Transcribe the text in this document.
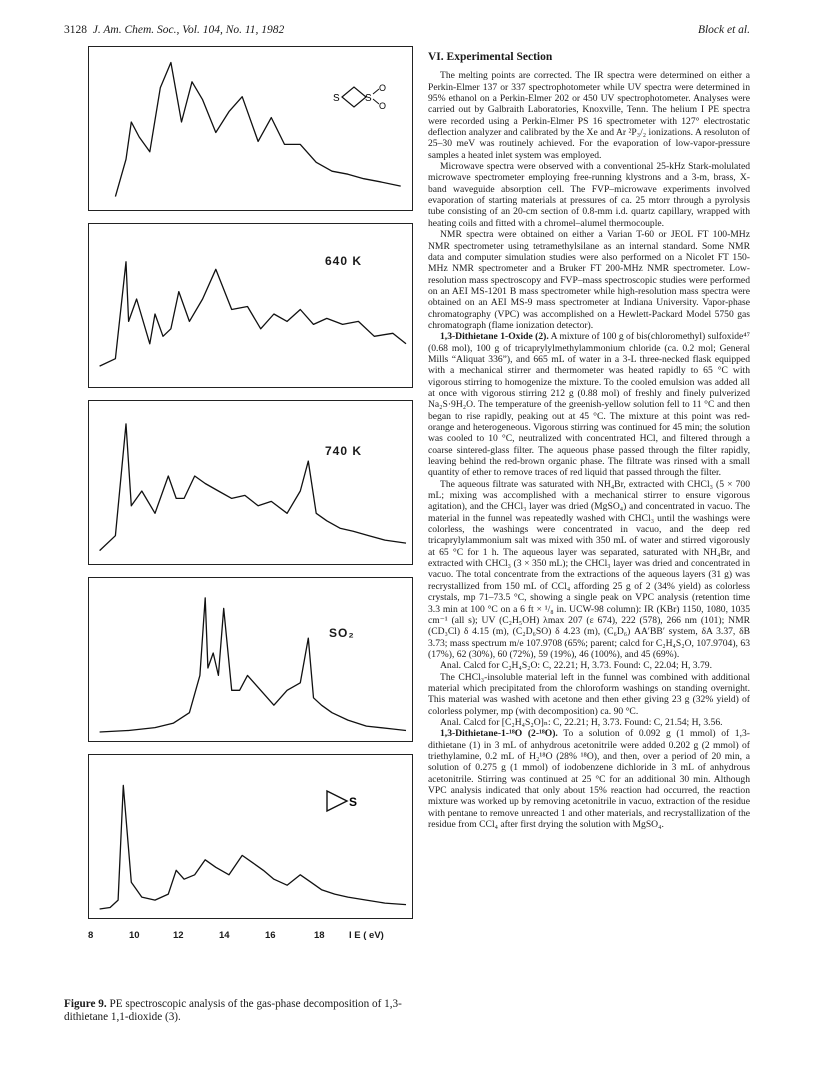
3128 J. Am. Chem. Soc., Vol. 104, No. 11, 1982	Block et al.
S	S
O
O
640 K
740 K
SO₂
S
8	10	12	14	16	18	I E ( eV)
Figure 9. PE spectroscopic analysis of the gas-phase decomposition of 1,3-dithietane 1,1-dioxide (3).
VI. Experimental Section

The melting points are corrected. The IR spectra were determined on either a Perkin-Elmer 137 or 337 spectrophotometer while UV spectra were determined in 95% ethanol on a Perkin-Elmer 202 or 450 UV spectrophotometer. Analyses were carried out by Galbraith Laboratories, Knoxville, Tenn. The helium I PE spectra were recorded using a Perkin-Elmer PS 16 spectrometer with 127° electrostatic deflection analyzer and calibrated by the Xe and Ar ²P₃/₂ ionizations. A resoluton of 25–30 meV was routinely achieved. For the evaporation of low-vapor-pressure samples a heated inlet system was employed.

Microwave spectra were observed with a conventional 25-kHz Stark-molulated microwave spectrometer employing free-running klystrons and a 3-m, brass, X-band waveguide absorption cell. The FVP–microwave experiments involved evaporation of starting materials at pressures of ca. 25 mtorr through a pyrolysis tube consisting of an 20-cm section of 0.8-mm i.d. quartz capillary, wrapped with heating coils and fitted with a chromel–alumel thermocouple.

NMR spectra were obtained on either a Varian T-60 or JEOL FT 100-MHz NMR spectrometer using tetramethylsilane as an internal standard. Some NMR data and computer simulation studies were also performed on a Nicolet FT 150-MHz NMR spectrometer and a Bruker FT 200-MHz NMR spectrometer. Low-resolution mass spectroscopy and FVP–mass spectroscopic studies were performed on an AEI MS-1201 B mass spectrometer while high-resolution mass spectra were obtained on an AEI MS-9 mass spectrometer at Indiana University. Vapor-phase chromatography (VPC) was accomplished on a Hewlett-Packard Model 5750 gas chromatograph (flame ionization detector).

1,3-Dithietane 1-Oxide (2). A mixture of 100 g of bis(chloromethyl) sulfoxide⁴⁷ (0.68 mol), 100 g of tricaprylylmethylammonium chloride (ca. 0.2 mol; General Mills “Aliquat 336”), and 665 mL of water in a 3-L three-necked flask equipped with a mechanical stirrer and thermometer was heated rapidly to 65 °C with vigorous stirring to homogenize the mixture. To the cooled emulsion was added all at once with vigorous stirring 212 g (0.88 mol) of freshly and finely pulverized Na₂S·9H₂O. The temperature of the greenish-yellow solution fell to 11 °C and then began to rise rapidly, peaking out at 45 °C. The mixture at this point was red-orange and heterogeneous. Vigorous stirring was continued for 45 min; the solution was cooled to 10 °C, neutralized with concentrated HCl, and filtered through a coarse sintered-glass filter. The aqueous phase passed through the filter rapidly, leaving behind the red-brown organic phase. The filtrate was rinsed with a small quantity of ether to remove traces of red liquid that passed through the filter.

The aqueous filtrate was saturated with NH₄Br, extracted with CHCl₃ (5 × 700 mL; mixing was accomplished with a mechanical stirrer to ensure vigorous agitation), and the CHCl₃ layer was dried (MgSO₄) and concentrated in vacuo. The material in the funnel was repeatedly washed with CHCl₃ until the washings were colorless, the washings were concentrated in vacuo, and the deep red tricaprylylammonium salt was mixed with 350 mL of water and stirred vigorously at 65 °C for 1 h. The aqueous layer was separated, saturated with NH₄Br, and extracted with CHCl₃ (3 × 350 mL); the CHCl₃ layer was dried and concentrated in vacuo. The total concentrate from the extractions of the aqueous layers (31 g) was recrystallized from 150 mL of CCl₄ affording 25 g of 2 (34% yield) as colorless crystals, mp 71–73.5 °C, showing a single peak on VPC analysis (retention time 3.3 min at 100 °C on a 6 ft × ¹/₈ in. UCW-98 column): IR (KBr) 1150, 1080, 1035 cm⁻¹ (all s); UV (C₂H₅OH) λmax 207 (ε 674), 222 (578), 266 nm (101); NMR (CD₃Cl) δ 4.15 (m), (C₂D₆SO) δ 4.23 (m), (C₆D₆) AA′BB′ system, δA 3.37, δB 3.73; mass spectrum m/e 107.9708 (65%; parent; calcd for C₂H₄S₂O, 107.9704), 63 (17%), 62 (30%), 60 (72%), 59 (19%), 46 (100%), and 45 (69%).

Anal. Calcd for C₂H₄S₂O: C, 22.21; H, 3.73. Found: C, 22.04; H, 3.79.

The CHCl₃-insoluble material left in the funnel was combined with additional material which precipitated from the chloroform washings on standing overnight. This material was washed with acetone and then ether giving 23 g (32% yield) of colorless polymer, mp (with decomposition) ca. 90 °C.

Anal. Calcd for [C₂H₄S₂O]ₙ: C, 22.21; H, 3.73. Found: C, 21.54; H, 3.56.

1,3-Dithietane-1-¹⁸O (2-¹⁸O). To a solution of 0.092 g (1 mmol) of 1,3-dithietane (1) in 3 mL of anhydrous acetonitrile were added 0.202 g (2 mmol) of triethylamine, 0.2 mL of H₂¹⁸O (28% ¹⁸O), and then, over a period of 20 min, a solution of 0.275 g (1 mmol) of iodobenzene dichloride in 3 mL of anhydrous acetonitrile. Stirring was continued at 25 °C for an additional 30 min. Although VPC analysis indicated that only about 15% reaction had occurred, the reaction mixture was worked up by removing acetonitrile in vacuo, extraction of the residue with pentane to remove unreacted 1 and other materials, and recrystallization of the residue from CCl₄ after first drying the solution with MgSO₄.
